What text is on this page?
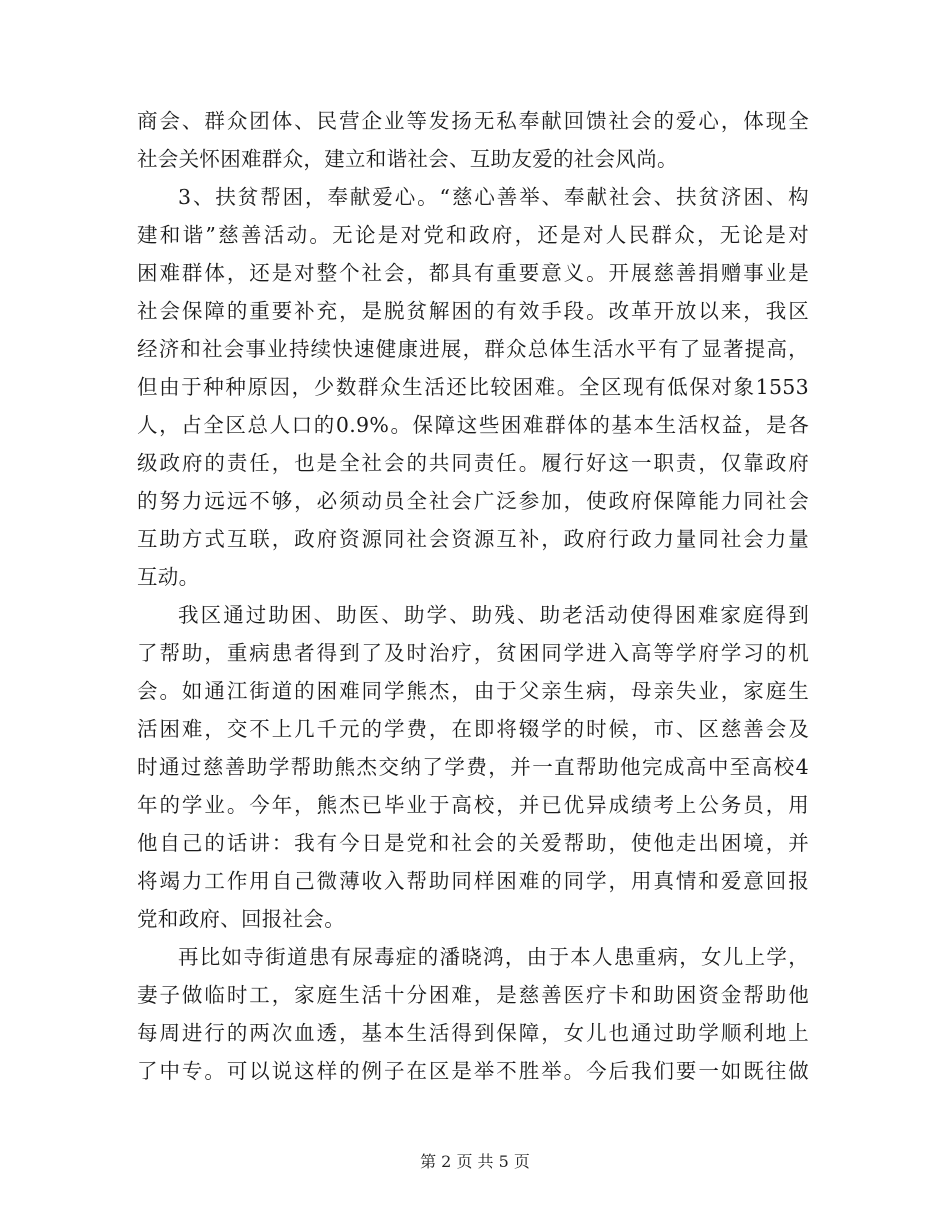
商会、群众团体、民营企业等发扬无私奉献回馈社会的爱心，体现全
社会关怀困难群众，建立和谐社会、互助友爱的社会风尚。
3、扶贫帮困，奉献爱心。“慈心善举、奉献社会、扶贫济困、构
建和谐”慈善活动。无论是对党和政府，还是对人民群众，无论是对
困难群体，还是对整个社会，都具有重要意义。开展慈善捐赠事业是
社会保障的重要补充，是脱贫解困的有效手段。改革开放以来，我区
经济和社会事业持续快速健康进展，群众总体生活水平有了显著提高，
但由于种种原因，少数群众生活还比较困难。全区现有低保对象1553
人，占全区总人口的0.9%。保障这些困难群体的基本生活权益，是各
级政府的责任，也是全社会的共同责任。履行好这一职责，仅靠政府
的努力远远不够，必须动员全社会广泛参加，使政府保障能力同社会
互助方式互联，政府资源同社会资源互补，政府行政力量同社会力量
互动。
我区通过助困、助医、助学、助残、助老活动使得困难家庭得到
了帮助，重病患者得到了及时治疗，贫困同学进入高等学府学习的机
会。如通江街道的困难同学熊杰，由于父亲生病，母亲失业，家庭生
活困难，交不上几千元的学费，在即将辍学的时候，市、区慈善会及
时通过慈善助学帮助熊杰交纳了学费，并一直帮助他完成高中至高校4
年的学业。今年，熊杰已毕业于高校，并已优异成绩考上公务员，用
他自己的话讲：我有今日是党和社会的关爱帮助，使他走出困境，并
将竭力工作用自己微薄收入帮助同样困难的同学，用真情和爱意回报
党和政府、回报社会。
再比如寺街道患有尿毒症的潘晓鸿，由于本人患重病，女儿上学，
妻子做临时工，家庭生活十分困难，是慈善医疗卡和助困资金帮助他
每周进行的两次血透，基本生活得到保障，女儿也通过助学顺利地上
了中专。可以说这样的例子在区是举不胜举。今后我们要一如既往做
第 2 页 共 5 页
